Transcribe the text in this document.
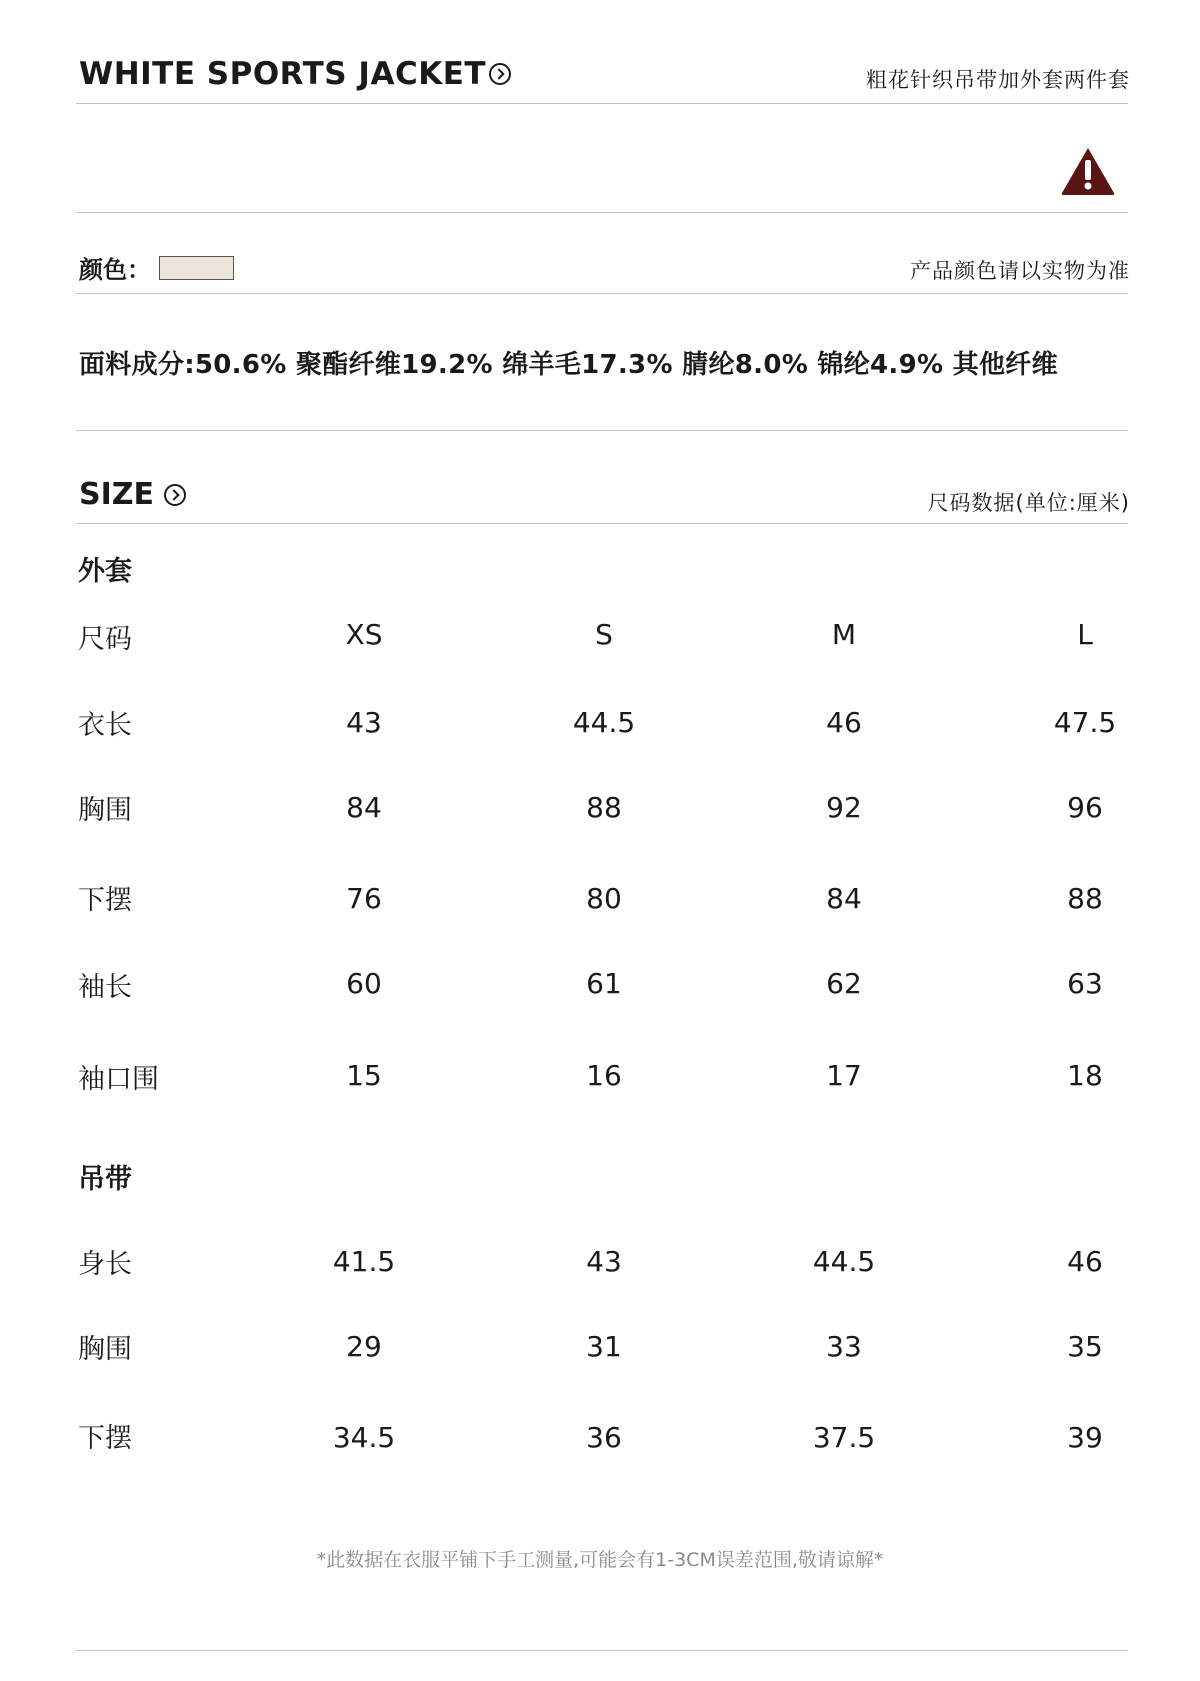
WHITE SPORTS JACKET	粗花针织吊带加外套两件套
颜色：	产品颜色请以实物为准
面料成分:50.6% 聚酯纤维19.2% 绵羊毛17.3% 腈纶8.0% 锦纶4.9% 其他纤维
SIZE	尺码数据(单位:厘米)
外套
尺码	XS	S	M	L
衣长	43	44.5	46	47.5
胸围	84	88	92	96
下摆	76	80	84	88
袖长	60	61	62	63
袖口围	15	16	17	18
吊带
身长	41.5	43	44.5	46
胸围	29	31	33	35
下摆	34.5	36	37.5	39
*此数据在衣服平铺下手工测量,可能会有1-3CM误差范围,敬请谅解*
